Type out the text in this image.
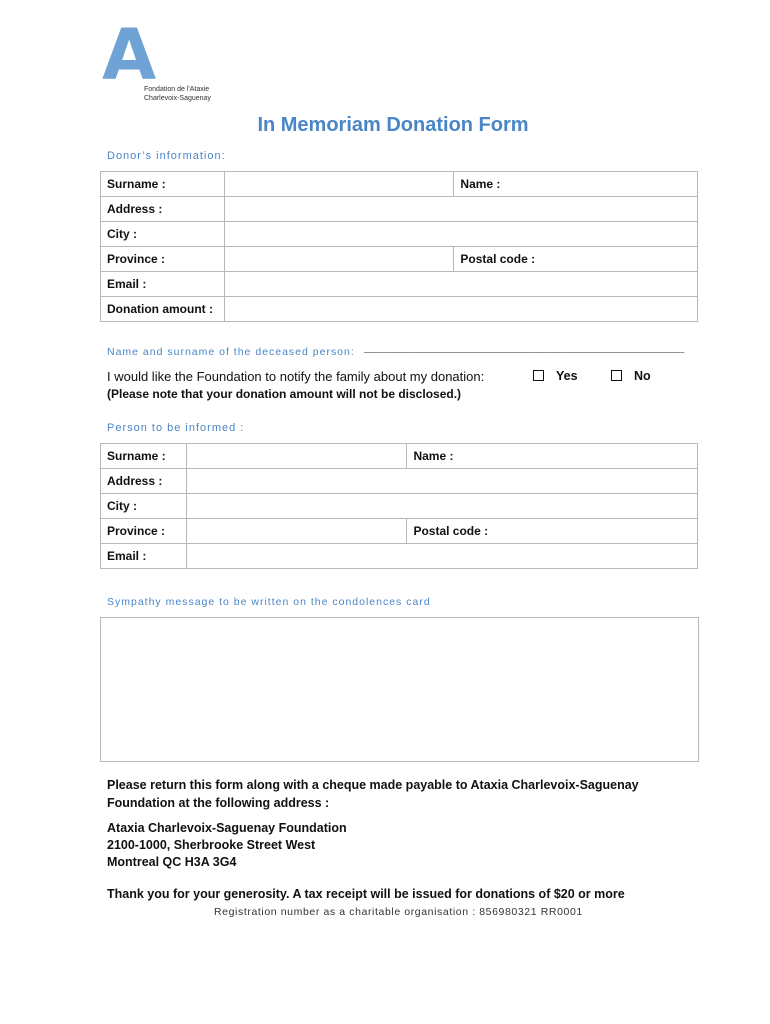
A
Fondation de l'Ataxie
Charlevoix-Saguenay
In Memoriam Donation Form
Donor’s information:
Surname :		Name :
Address :		
City :		
Province :		Postal code :
Email :		
Donation amount :		
Name and surname of the deceased person: ________________________________________________
I would like the Foundation to notify the family about my donation:
(Please note that your donation amount will not be disclosed.)
Yes	No
Person to be informed :
Surname :		Name :
Address :		
City :		
Province :		Postal code :
Email :		
Sympathy message to be written on the condolences card
Please return this form along with a cheque made payable to Ataxia Charlevoix-Saguenay
Foundation at the following address :
Ataxia Charlevoix-Saguenay Foundation
2100-1000, Sherbrooke Street West
Montreal QC H3A 3G4
Thank you for your generosity. A tax receipt will be issued for donations of $20 or more
Registration number as a charitable organisation : 856980321 RR0001
